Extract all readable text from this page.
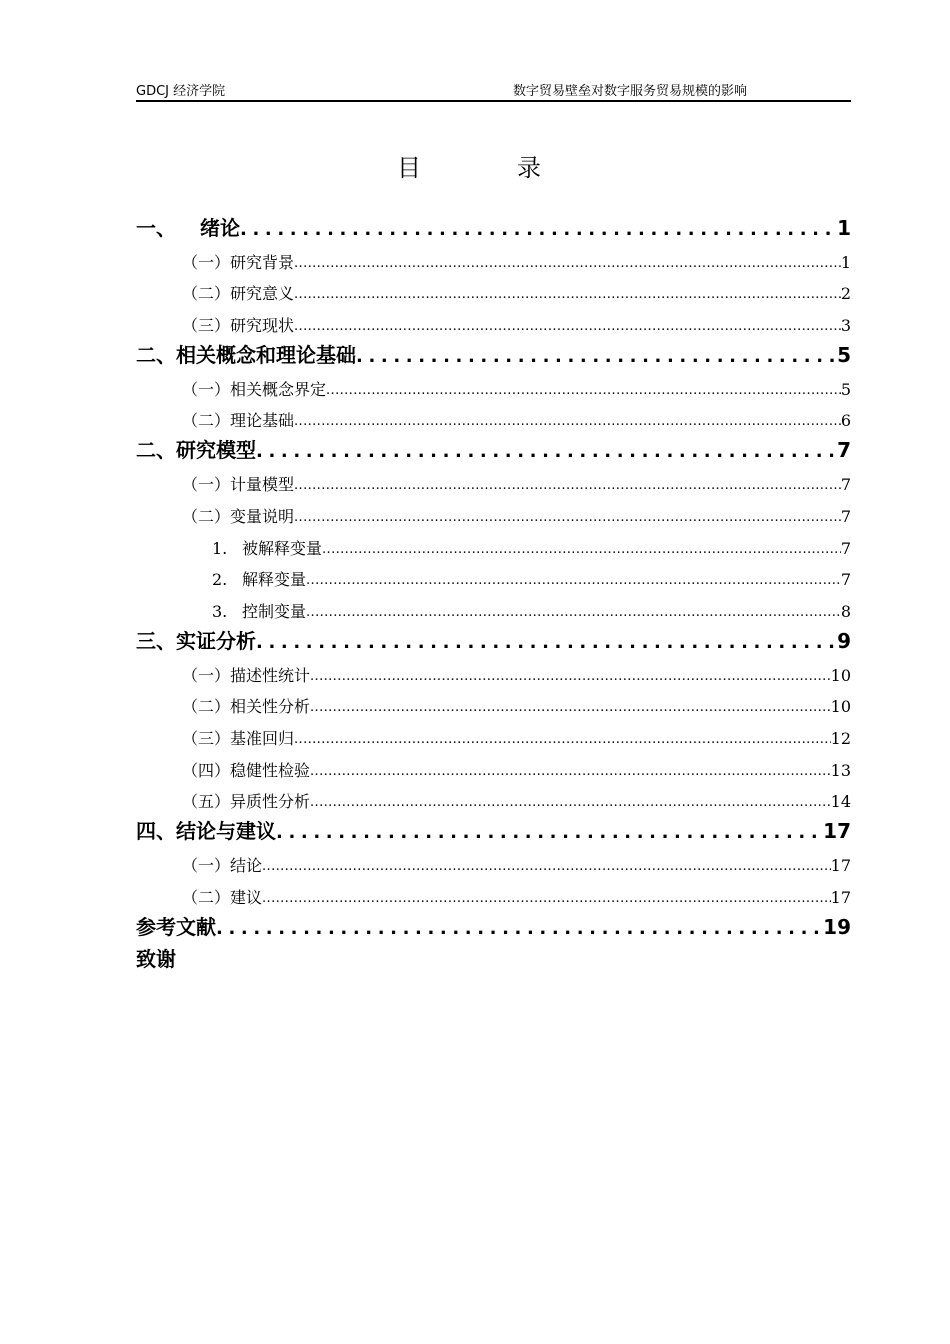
GDCJ 经济学院	数字贸易壁垒对数字服务贸易规模的影响
目录
一、 绪论 .....	1
（一）研究背景 .....	1
（二）研究意义 .....	2
（三）研究现状 .....	3
二、相关概念和理论基础 .....	5
（一）相关概念界定 .....	5
（二）理论基础 .....	6
二、研究模型 .....	7
（一）计量模型 .....	7
（二）变量说明 .....	7
1. 被解释变量 .....	7
2. 解释变量 .....	7
3. 控制变量 .....	8
三、实证分析 .....	9
（一）描述性统计 .....	10
（二）相关性分析 .....	10
（三）基准回归 .....	12
（四）稳健性检验 .....	13
（五）异质性分析 .....	14
四、结论与建议 .....	17
（一）结论 .....	17
（二）建议 .....	17
参考文献 .....	19
致谢
